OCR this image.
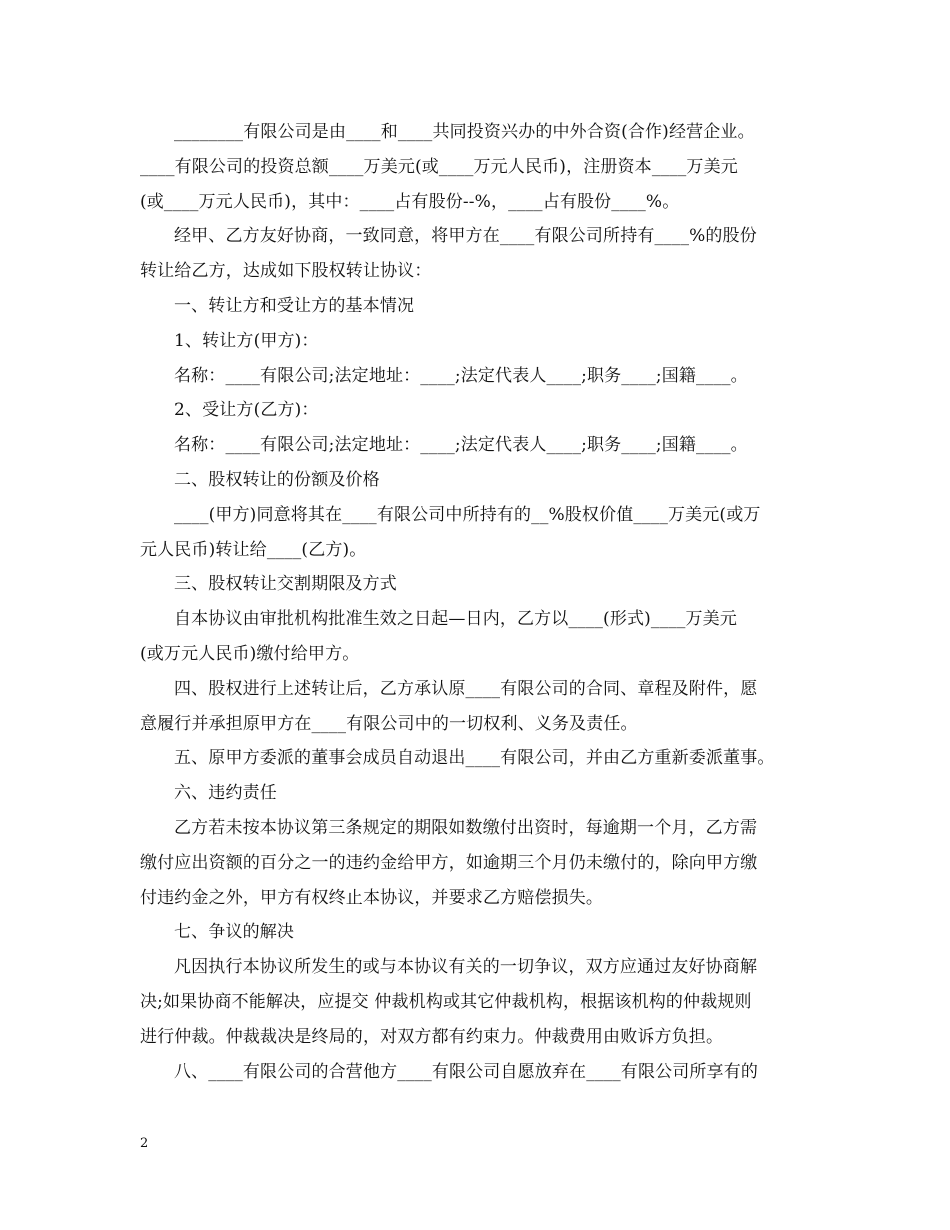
________有限公司是由____和____共同投资兴办的中外合资(合作)经营企业。
____有限公司的投资总额____万美元(或____万元人民币)，注册资本____万美元
(或____万元人民币)，其中：____占有股份--%，____占有股份____%。
经甲、乙方友好协商，一致同意，将甲方在____有限公司所持有____%的股份
转让给乙方，达成如下股权转让协议：
一、转让方和受让方的基本情况
1、转让方(甲方)：
名称：____有限公司;法定地址：____;法定代表人____;职务____;国籍____。
2、受让方(乙方)：
名称：____有限公司;法定地址：____;法定代表人____;职务____;国籍____。
二、股权转让的份额及价格
____(甲方)同意将其在____有限公司中所持有的__%股权价值____万美元(或万
元人民币)转让给____(乙方)。
三、股权转让交割期限及方式
自本协议由审批机构批准生效之日起—日内，乙方以____(形式)____万美元
(或万元人民币)缴付给甲方。
四、股权进行上述转让后，乙方承认原____有限公司的合同、章程及附件，愿
意履行并承担原甲方在____有限公司中的一切权利、义务及责任。
五、原甲方委派的董事会成员自动退出____有限公司，并由乙方重新委派董事。
六、违约责任
乙方若未按本协议第三条规定的期限如数缴付出资时，每逾期一个月，乙方需
缴付应出资额的百分之一的违约金给甲方，如逾期三个月仍未缴付的，除向甲方缴
付违约金之外，甲方有权终止本协议，并要求乙方赔偿损失。
七、争议的解决
凡因执行本协议所发生的或与本协议有关的一切争议，双方应通过友好协商解
决;如果协商不能解决，应提交 仲裁机构或其它仲裁机构，根据该机构的仲裁规则
进行仲裁。仲裁裁决是终局的，对双方都有约束力。仲裁费用由败诉方负担。
八、____有限公司的合营他方____有限公司自愿放弃在____有限公司所享有的
2
